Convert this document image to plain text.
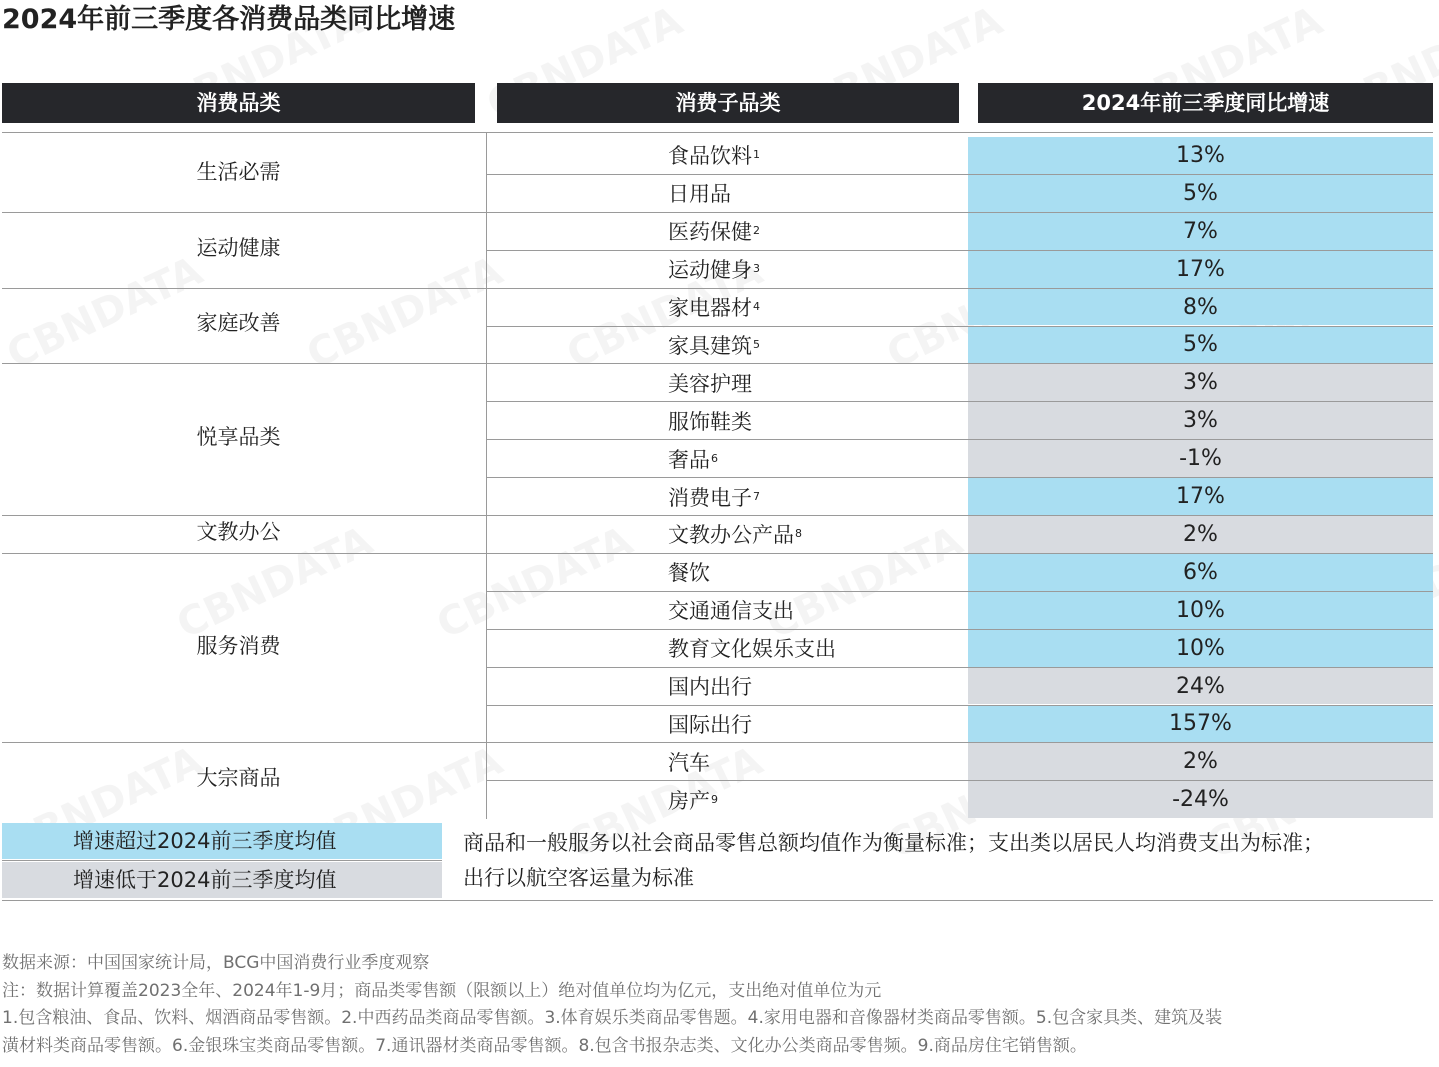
2024年前三季度各消费品类同比增速
消费品类	消费子品类	2024年前三季度同比增速
13%
食品饮料 1
5%
日用品
生活必需
7%
医药保健 2
17%
运动健身 3
运动健康
8%
家电器材 4
5%
家具建筑 5
家庭改善
3%
美容护理
3%
服饰鞋类
-1%
奢品 6
17%
消费电子 7
悦享品类
2%
文教办公产品 8
文教办公
6%
餐饮
10%
交通通信支出
10%
教育文化娱乐支出
24%
国内出行
157%
国际出行
服务消费
2%
汽车
-24%
房产 9
大宗商品
增速超过2024前三季度均值
增速低于2024前三季度均值
商品和一般服务以社会商品零售总额均值作为衡量标准；支出类以居民人均消费支出为标准；
出行以航空客运量为标准
数据来源：中国国家统计局，BCG中国消费行业季度观察
注：数据计算覆盖2023全年、2024年1-9月；商品类零售额（限额以上）绝对值单位均为亿元，支出绝对值单位为元
1.包含粮油、食品、饮料、烟酒商品零售额。2.中西药品类商品零售额。3.体育娱乐类商品零售题。4.家用电器和音像器材类商品零售额。5.包含家具类、建筑及装
潢材料类商品零售额。6.金银珠宝类商品零售额。7.通讯器材类商品零售额。8.包含书报杂志类、文化办公类商品零售频。9.商品房住宅销售额。
